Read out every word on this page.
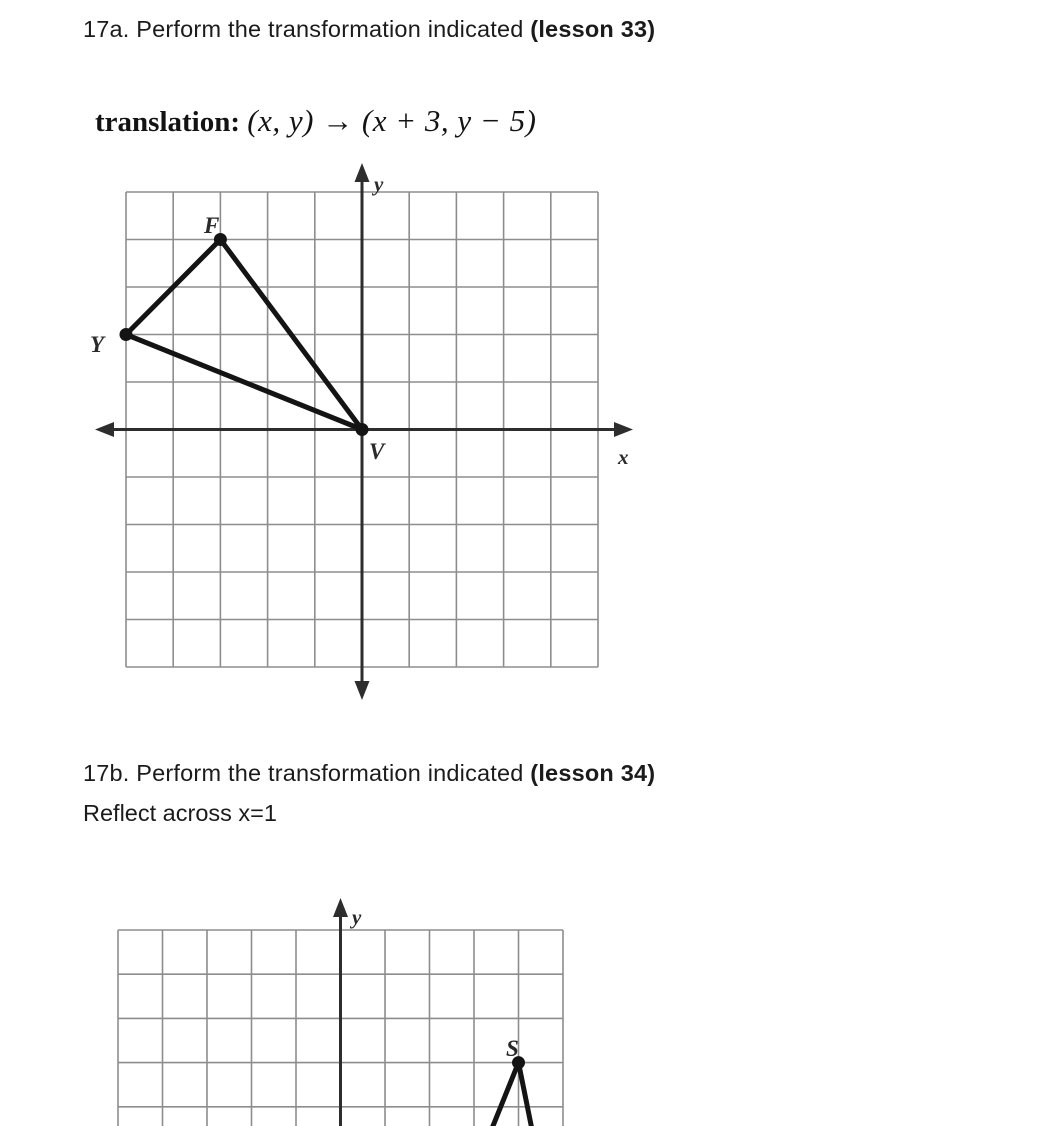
17a. Perform the transformation indicated (lesson 33)
translation: (x, y) → (x + 3, y − 5)
y
x
F
Y
V
17b. Perform the transformation indicated (lesson 34)
Reflect across x=1
y
S
